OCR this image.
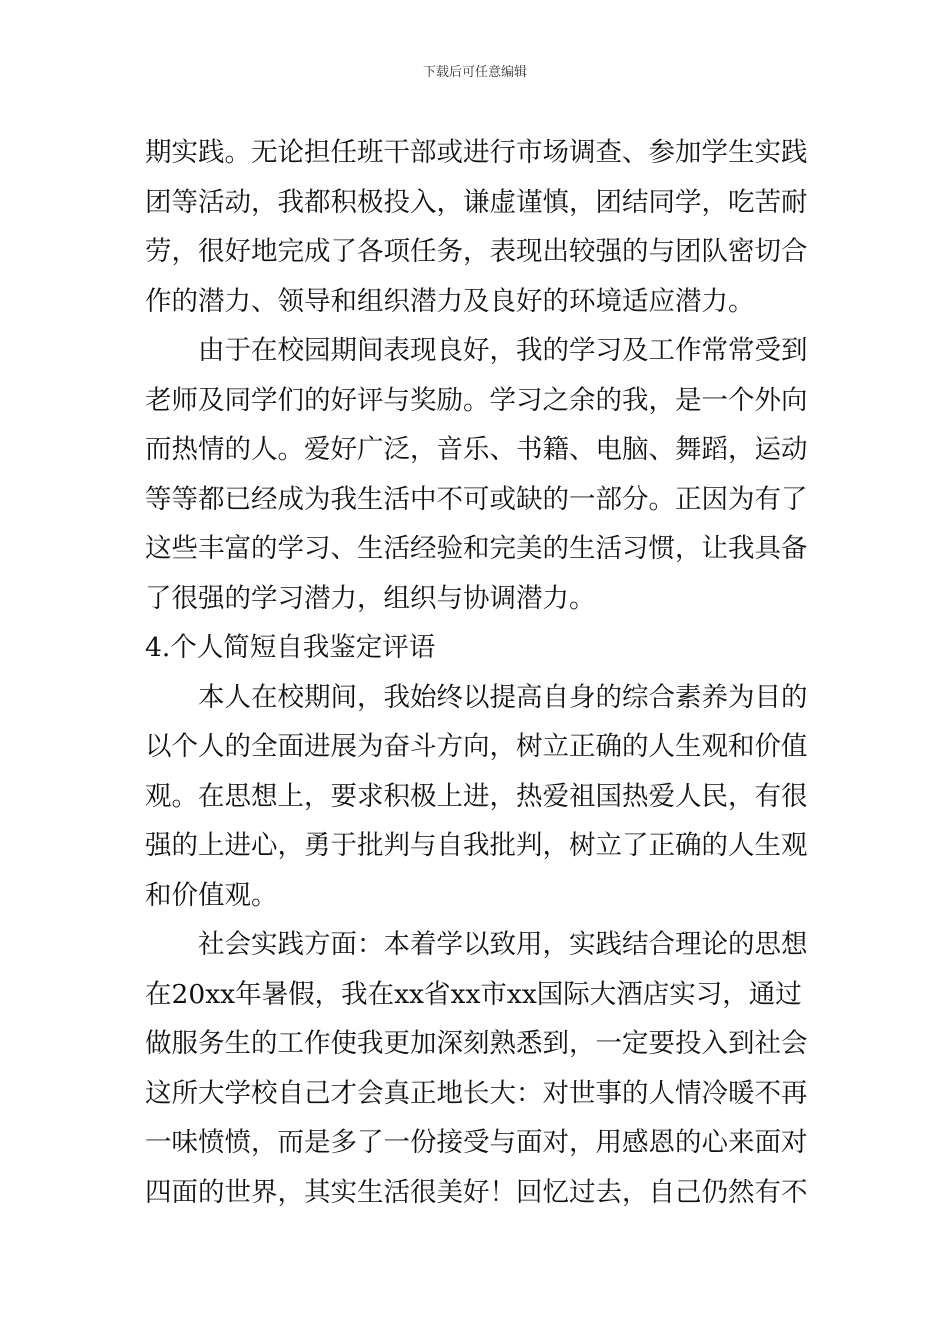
下载后可任意编辑
期实践。无论担任班干部或进行市场调查、参加学生实践
团等活动，我都积极投入，谦虚谨慎，团结同学，吃苦耐
劳，很好地完成了各项任务，表现出较强的与团队密切合
作的潜力、领导和组织潜力及良好的环境适应潜力。
　　由于在校园期间表现良好，我的学习及工作常常受到
老师及同学们的好评与奖励。学习之余的我，是一个外向
而热情的人。爱好广泛，音乐、书籍、电脑、舞蹈，运动
等等都已经成为我生活中不可或缺的一部分。正因为有了
这些丰富的学习、生活经验和完美的生活习惯，让我具备
了很强的学习潜力，组织与协调潜力。
4.个人简短自我鉴定评语
　　本人在校期间，我始终以提高自身的综合素养为目的
以个人的全面进展为奋斗方向，树立正确的人生观和价值
观。在思想上，要求积极上进，热爱祖国热爱人民，有很
强的上进心，勇于批判与自我批判，树立了正确的人生观
和价值观。
　　社会实践方面：本着学以致用，实践结合理论的思想
在20xx年暑假，我在xx省xx市xx国际大酒店实习，通过
做服务生的工作使我更加深刻熟悉到，一定要投入到社会
这所大学校自己才会真正地长大：对世事的人情冷暖不再
一味愤愤，而是多了一份接受与面对，用感恩的心来面对
四面的世界，其实生活很美好！回忆过去，自己仍然有不
